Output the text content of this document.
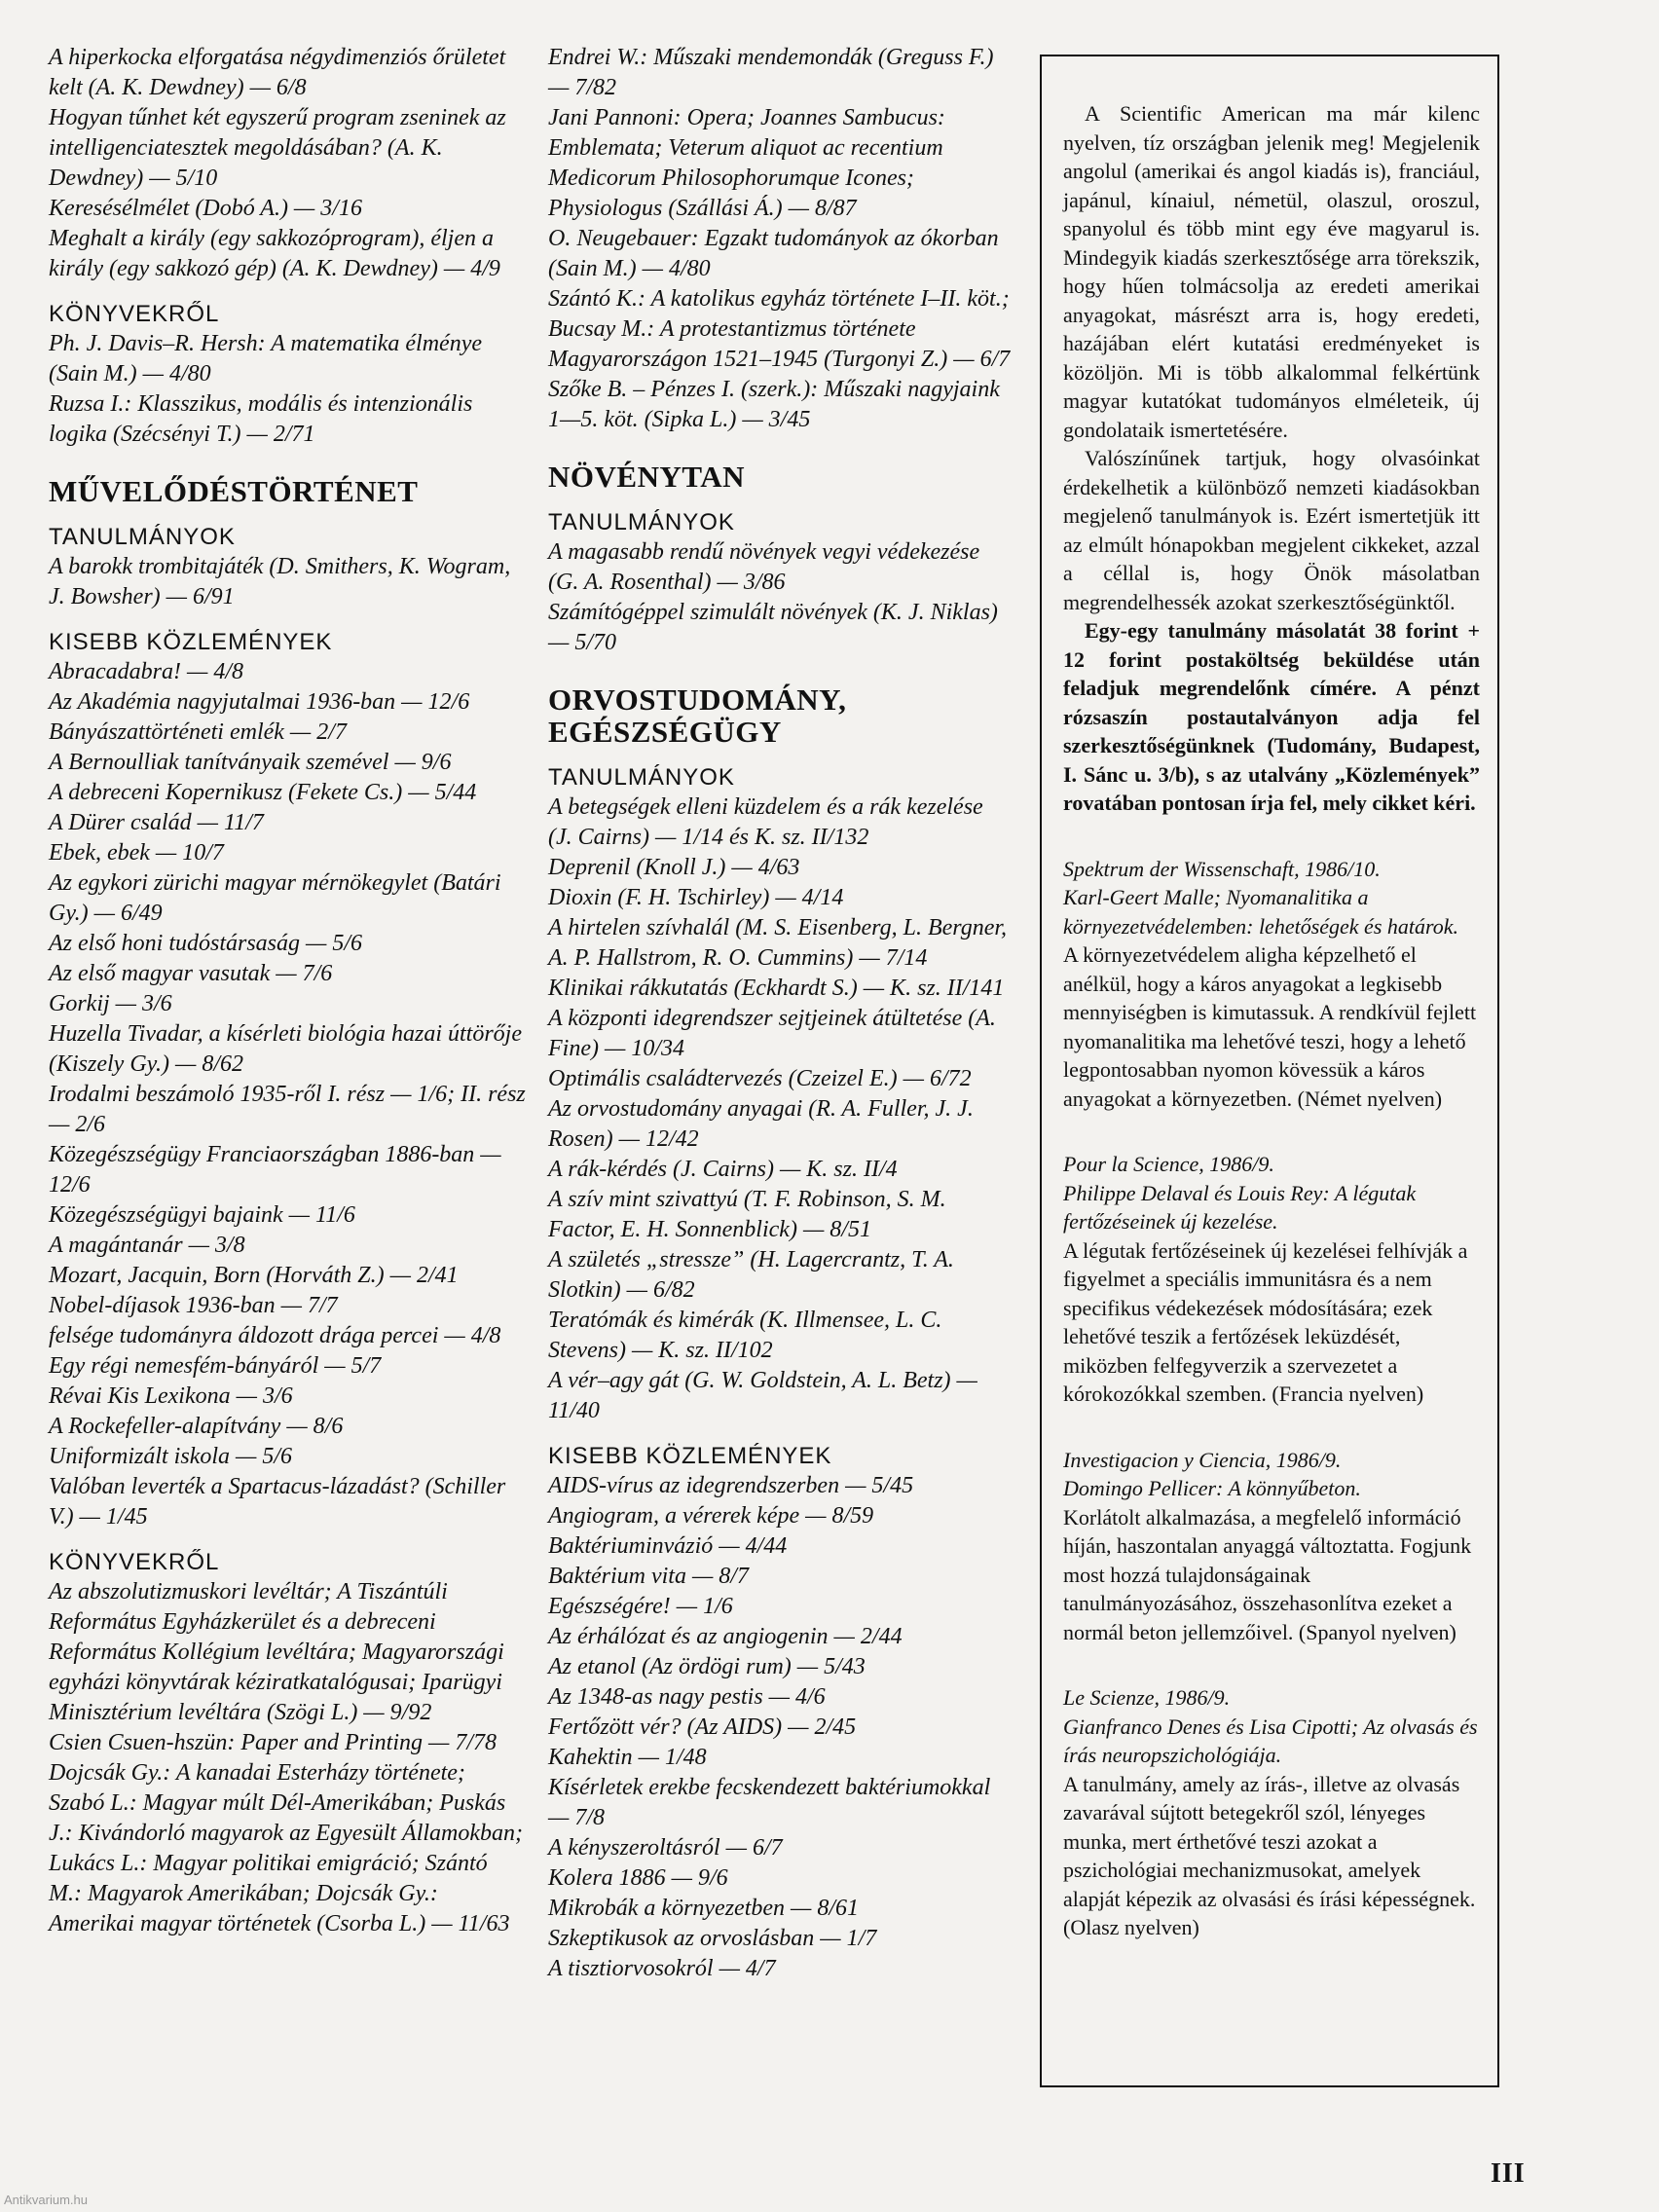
A hiperkocka elforgatása négydimenziós őrületet kelt (A. K. Dewdney) — 6/8
Hogyan tűnhet két egyszerű program zseninek az intelligenciatesztek megoldásában? (A. K. Dewdney) — 5/10
Keresésélmélet (Dobó A.) — 3/16
Meghalt a király (egy sakkozóprogram), éljen a király (egy sakkozó gép) (A. K. Dewdney) — 4/9
KÖNYVEKRŐL
Ph. J. Davis–R. Hersh: A matematika élménye (Sain M.) — 4/80
Ruzsa I.: Klasszikus, modális és intenzionális logika (Szécsényi T.) — 2/71
MŰVELŐDÉSTÖRTÉNET
TANULMÁNYOK
A barokk trombitajáték (D. Smithers, K. Wogram, J. Bowsher) — 6/91
KISEBB KÖZLEMÉNYEK
Abracadabra! — 4/8
Az Akadémia nagyjutalmai 1936-ban — 12/6
Bányászattörténeti emlék — 2/7
A Bernoulliak tanítványaik szemével — 9/6
A debreceni Kopernikusz (Fekete Cs.) — 5/44
A Dürer család — 11/7
Ebek, ebek — 10/7
Az egykori zürichi magyar mérnökegylet (Batári Gy.) — 6/49
Az első honi tudóstársaság — 5/6
Az első magyar vasutak — 7/6
Gorkij — 3/6
Huzella Tivadar, a kísérleti biológia hazai úttörője (Kiszely Gy.) — 8/62
Irodalmi beszámoló 1935-ről I. rész — 1/6; II. rész — 2/6
Közegészségügy Franciaországban 1886-ban — 12/6
Közegészségügyi bajaink — 11/6
A magántanár — 3/8
Mozart, Jacquin, Born (Horváth Z.) — 2/41
Nobel-díjasok 1936-ban — 7/7
felsége tudományra áldozott drága percei — 4/8
Egy régi nemesfém-bányáról — 5/7
Révai Kis Lexikona — 3/6
A Rockefeller-alapítvány — 8/6
Uniformizált iskola — 5/6
Valóban leverték a Spartacus-lázadást? (Schiller V.) — 1/45
KÖNYVEKRŐL
Az abszolutizmuskori levéltár; A Tiszántúli Református Egyházkerület és a debreceni Református Kollégium levéltára; Magyarországi egyházi könyvtárak kéziratkatalógusai; Iparügyi Minisztérium levéltára (Szögi L.) — 9/92
Csien Csuen-hszün: Paper and Printing — 7/78
Dojcsák Gy.: A kanadai Esterházy története; Szabó L.: Magyar múlt Dél-Amerikában; Puskás J.: Kivándorló magyarok az Egyesült Államokban; Lukács L.: Magyar politikai emigráció; Szántó M.: Magyarok Amerikában; Dojcsák Gy.: Amerikai magyar történetek (Csorba L.) — 11/63
Endrei W.: Műszaki mendemondák (Greguss F.) — 7/82
Jani Pannoni: Opera; Joannes Sambucus: Emblemata; Veterum aliquot ac recentium Medicorum Philosophorumque Icones; Physiologus (Szállási Á.) — 8/87
O. Neugebauer: Egzakt tudományok az ókorban (Sain M.) — 4/80
Szántó K.: A katolikus egyház története I–II. köt.; Bucsay M.: A protestantizmus története Magyarországon 1521–1945 (Turgonyi Z.) — 6/7
Szőke B. – Pénzes I. (szerk.): Műszaki nagyjaink 1—5. köt. (Sipka L.) — 3/45
NÖVÉNYTAN
TANULMÁNYOK
A magasabb rendű növények vegyi védekezése (G. A. Rosenthal) — 3/86
Számítógéppel szimulált növények (K. J. Niklas) — 5/70
ORVOSTUDOMÁNY, EGÉSZSÉGÜGY
TANULMÁNYOK
A betegségek elleni küzdelem és a rák kezelése (J. Cairns) — 1/14 és K. sz. II/132
Deprenil (Knoll J.) — 4/63
Dioxin (F. H. Tschirley) — 4/14
A hirtelen szívhalál (M. S. Eisenberg, L. Bergner, A. P. Hallstrom, R. O. Cummins) — 7/14
Klinikai rákkutatás (Eckhardt S.) — K. sz. II/141
A központi idegrendszer sejtjeinek átültetése (A. Fine) — 10/34
Optimális családtervezés (Czeizel E.) — 6/72
Az orvostudomány anyagai (R. A. Fuller, J. J. Rosen) — 12/42
A rák-kérdés (J. Cairns) — K. sz. II/4
A szív mint szivattyú (T. F. Robinson, S. M. Factor, E. H. Sonnenblick) — 8/51
A születés „stressze” (H. Lagercrantz, T. A. Slotkin) — 6/82
Teratómák és kimérák (K. Illmensee, L. C. Stevens) — K. sz. II/102
A vér–agy gát (G. W. Goldstein, A. L. Betz) — 11/40
KISEBB KÖZLEMÉNYEK
AIDS-vírus az idegrendszerben — 5/45
Angiogram, a vérerek képe — 8/59
Baktériuminvázió — 4/44
Baktérium vita — 8/7
Egészségére! — 1/6
Az érhálózat és az angiogenin — 2/44
Az etanol (Az ördögi rum) — 5/43
Az 1348-as nagy pestis — 4/6
Fertőzött vér? (Az AIDS) — 2/45
Kahektin — 1/48
Kísérletek erekbe fecskendezett baktériumokkal — 7/8
A kényszeroltásról — 6/7
Kolera 1886 — 9/6
Mikrobák a környezetben — 8/61
Szkeptikusok az orvoslásban — 1/7
A tisztiorvosokról — 4/7
A Scientific American ma már kilenc nyelven, tíz országban jelenik meg! Megjelenik angolul (amerikai és angol kiadás is), franciául, japánul, kínaiul, németül, olaszul, oroszul, spanyolul és több mint egy éve magyarul is. Mindegyik kiadás szerkesztősége arra törekszik, hogy hűen tolmácsolja az eredeti amerikai anyagokat, másrészt arra is, hogy eredeti, hazájában elért kutatási eredményeket is közöljön. Mi is több alkalommal felkértünk magyar kutatókat tudományos elméleteik, új gondolataik ismertetésére.
Valószínűnek tartjuk, hogy olvasóinkat érdekelhetik a különböző nemzeti kiadásokban megjelenő tanulmányok is. Ezért ismertetjük itt az elmúlt hónapokban megjelent cikkeket, azzal a céllal is, hogy Önök másolatban megrendelhessék azokat szerkesztőségünktől.
Egy-egy tanulmány másolatát 38 forint + 12 forint postaköltség beküldése után feladjuk megrendelőnk címére. A pénzt rózsaszín postautalványon adja fel szerkesztőségünknek (Tudomány, Budapest, I. Sánc u. 3/b), s az utalvány „Közlemények” rovatában pontosan írja fel, mely cikket kéri.
Spektrum der Wissenschaft, 1986/10.
Karl-Geert Malle; Nyomanalitika a környezetvédelemben: lehetőségek és határok.
A környezetvédelem aligha képzelhető el anélkül, hogy a káros anyagokat a legkisebb mennyiségben is kimutassuk. A rendkívül fejlett nyomanalitika ma lehetővé teszi, hogy a lehető legpontosabban nyomon kövessük a káros anyagokat a környezetben. (Német nyelven)
Pour la Science, 1986/9.
Philippe Delaval és Louis Rey: A légutak fertőzéseinek új kezelése.
A légutak fertőzéseinek új kezelései felhívják a figyelmet a speciális immunitásra és a nem specifikus védekezések módosítására; ezek lehetővé teszik a fertőzések leküzdését, miközben felfegyverzik a szervezetet a kórokozókkal szemben. (Francia nyelven)
Investigacion y Ciencia, 1986/9.
Domingo Pellicer: A könnyűbeton.
Korlátolt alkalmazása, a megfelelő információ híján, haszontalan anyaggá változtatta. Fogjunk most hozzá tulajdonságainak tanulmányozásához, összehasonlítva ezeket a normál beton jellemzőivel. (Spanyol nyelven)
Le Scienze, 1986/9.
Gianfranco Denes és Lisa Cipotti; Az olvasás és írás neuropszichológiája.
A tanulmány, amely az írás-, illetve az olvasás zavarával sújtott betegekről szól, lényeges munka, mert érthetővé teszi azokat a pszichológiai mechanizmusokat, amelyek alapját képezik az olvasási és írási képességnek. (Olasz nyelven)
III
Antikvarium.hu
